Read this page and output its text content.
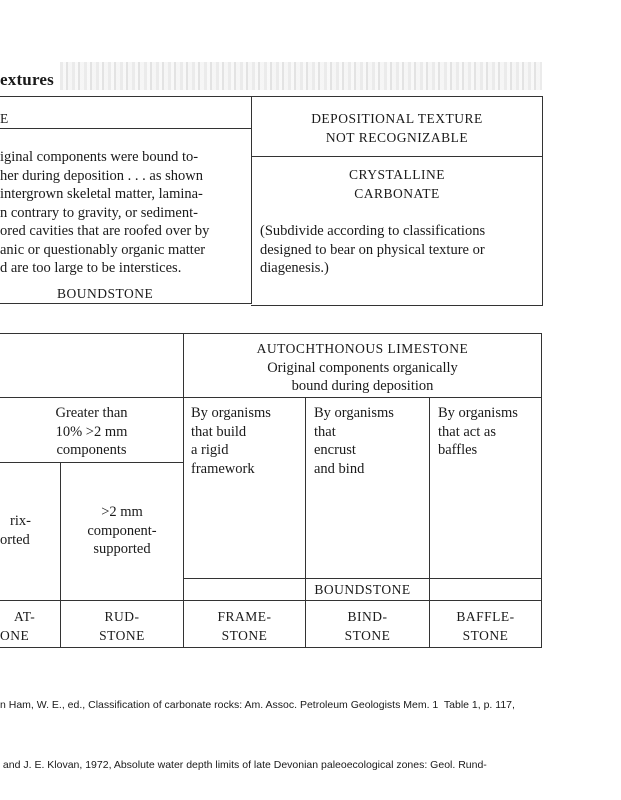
extures
E	DEPOSITIONAL TEXTURE
NOT RECOGNIZABLE
iginal components were bound to-
her during deposition . . . as shown
intergrown skeletal matter, lamina-
n contrary to gravity, or sediment-
ored cavities that are roofed over by
anic or questionably organic matter
d are too large to be interstices.
BOUNDSTONE
CRYSTALLINE
CARBONATE
(Subdivide according to classifications
designed to bear on physical texture or
diagenesis.)
AUTOCHTHONOUS LIMESTONE
Original components organically
bound during deposition
Greater than
10% >2 mm
components
By organisms
that build
a rigid
framework
By organisms
that
encrust
and bind
By organisms
that act as
baffles
rix-
orted
>2 mm
component-
supported
BOUNDSTONE
AT-
ONE
RUD-
STONE
FRAME-
STONE
BIND-
STONE
BAFFLE-
STONE

n Ham, W. E., ed., Classification of carbonate rocks: Am. Assoc. Petroleum Geologists Mem. 1  Table 1, p. 117,

and J. E. Klovan, 1972, Absolute water depth limits of late Devonian paleoecological zones: Geol. Rund-
